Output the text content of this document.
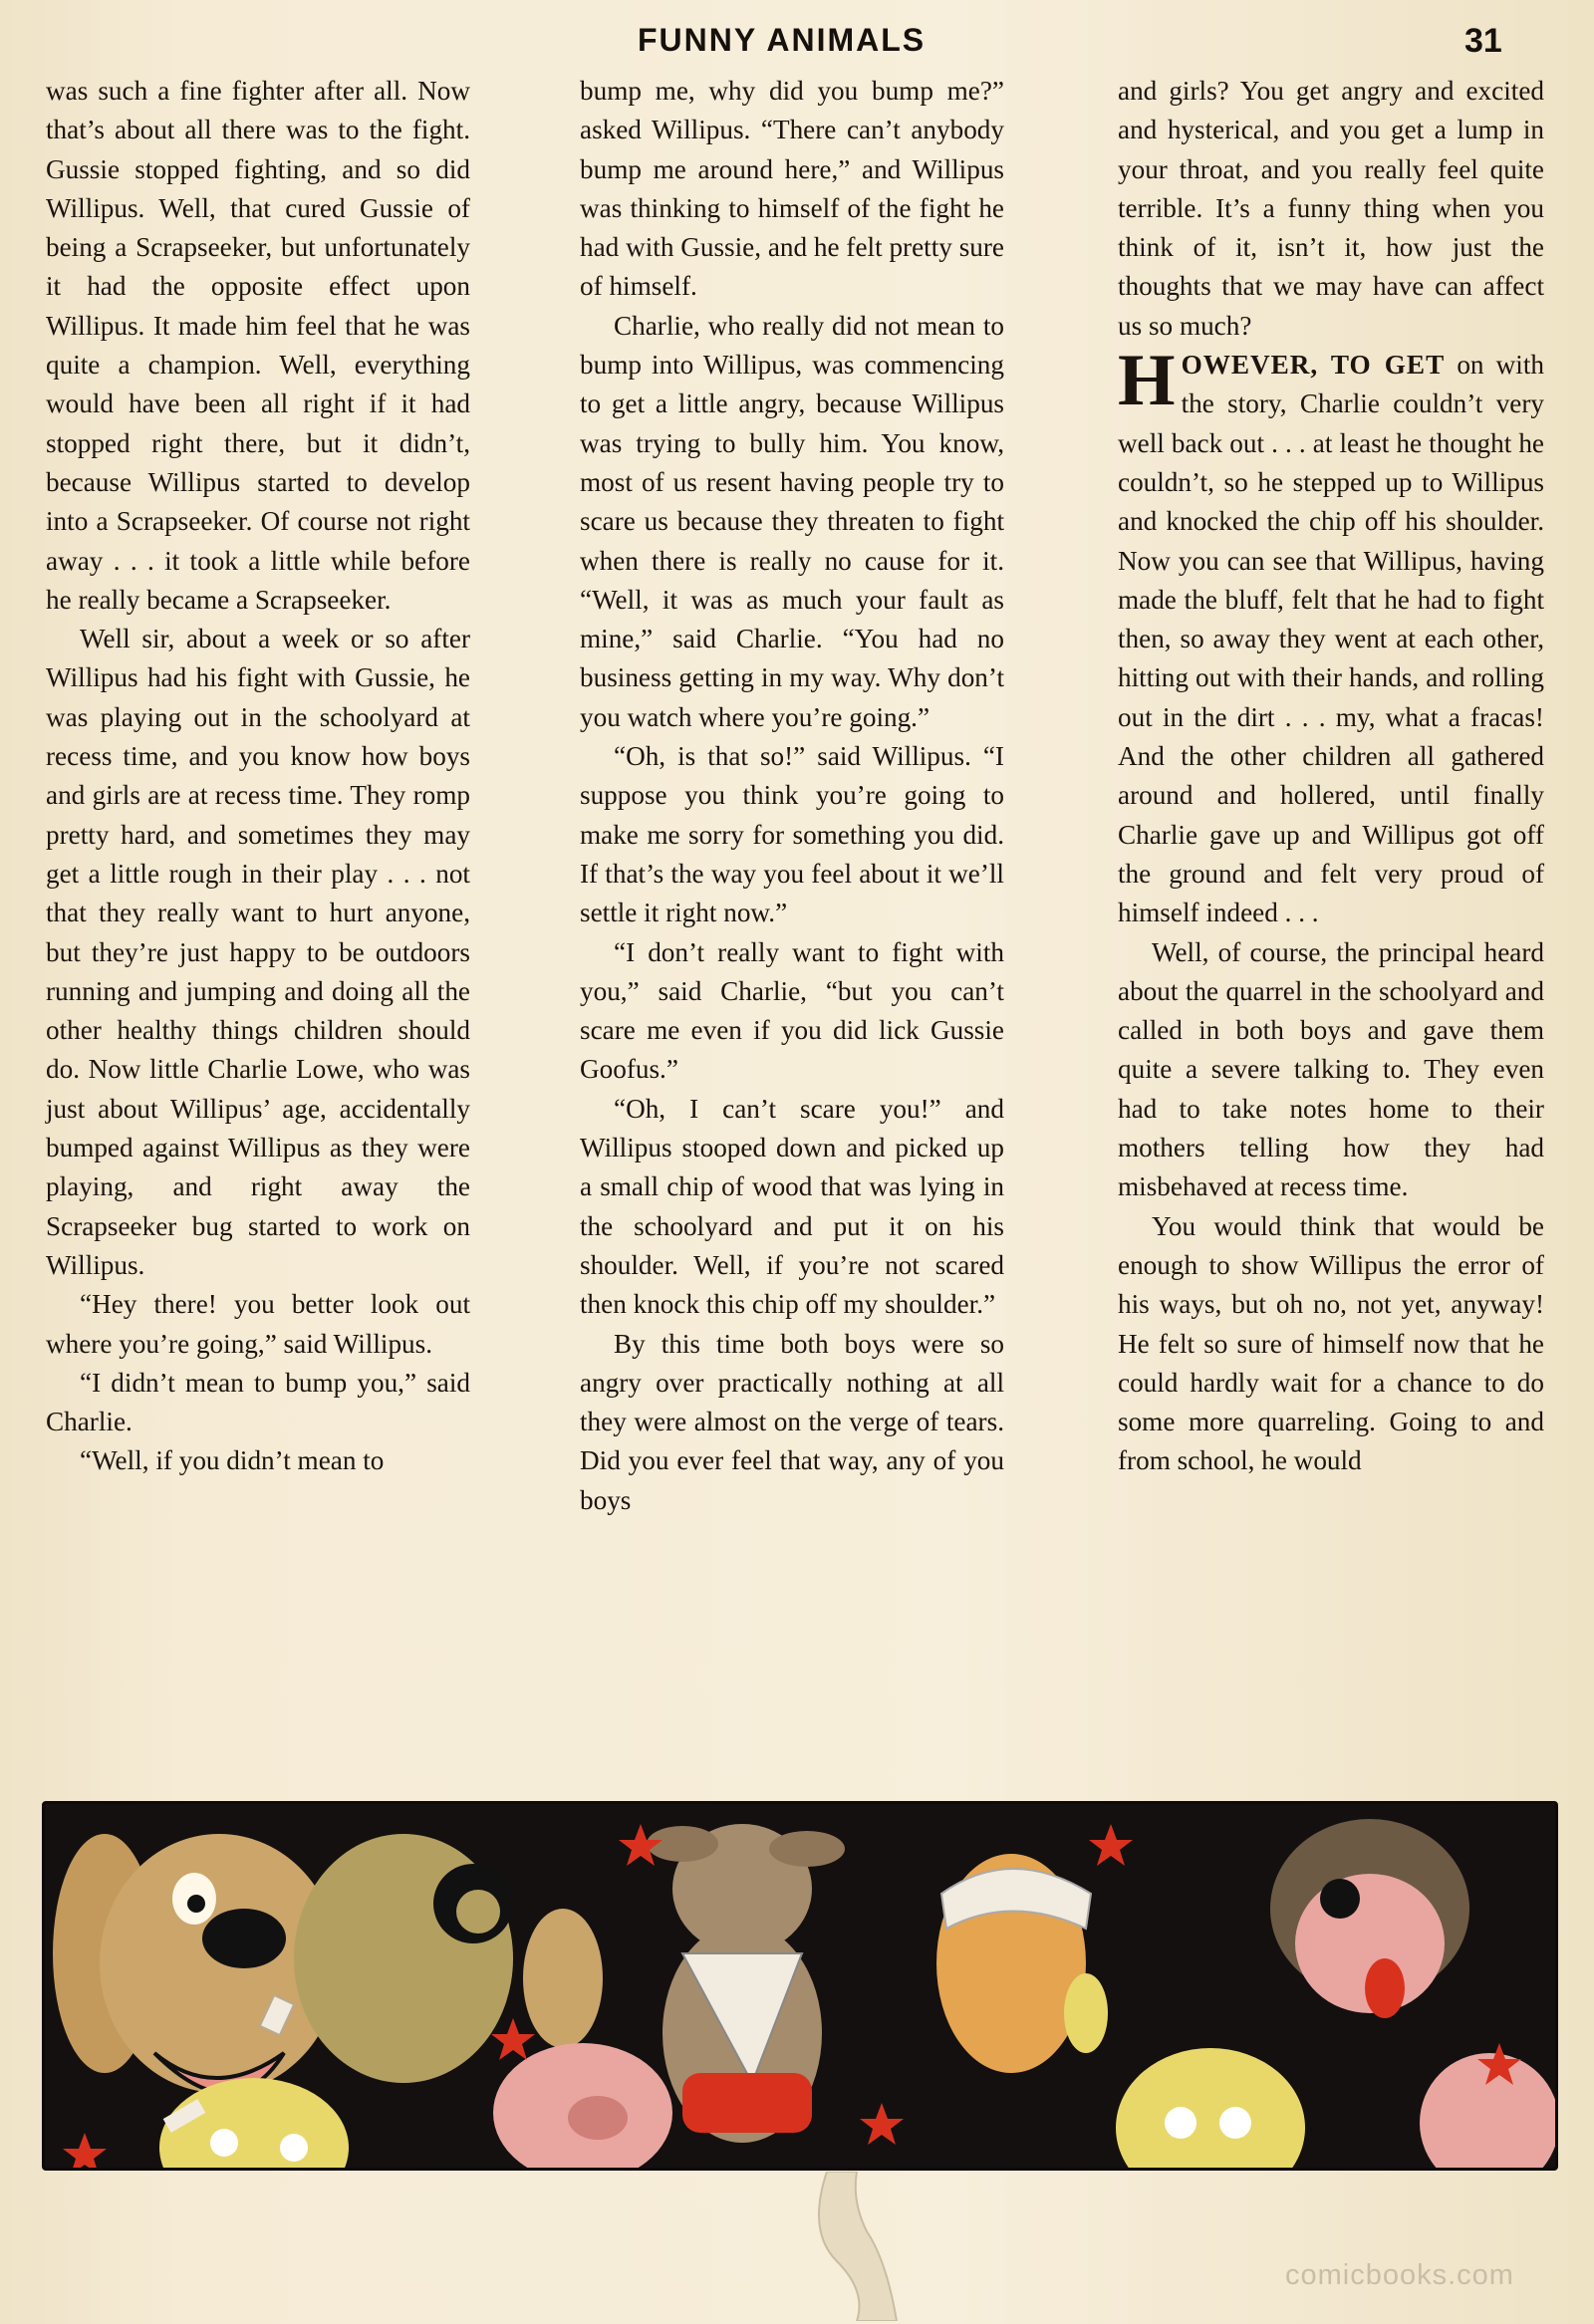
FUNNY ANIMALS	31

was such a fine fighter after all. Now that’s about all there was to the fight. Gussie stopped fighting, and so did Willipus. Well, that cured Gussie of being a Scrapseeker, but unfortunately it had the opposite effect upon Willipus. It made him feel that he was quite a champion. Well, everything would have been all right if it had stopped right there, but it didn’t, because Willipus started to develop into a Scrapseeker. Of course not right away . . . it took a little while before he really became a Scrapseeker.

Well sir, about a week or so after Willipus had his fight with Gussie, he was playing out in the schoolyard at recess time, and you know how boys and girls are at recess time. They romp pretty hard, and sometimes they may get a little rough in their play . . . not that they really want to hurt anyone, but they’re just happy to be outdoors running and jumping and doing all the other healthy things children should do. Now little Charlie Lowe, who was just about Willipus’ age, accidentally bumped against Willipus as they were playing, and right away the Scrapseeker bug started to work on Willipus.

“Hey there! you better look out where you’re going,” said Willipus.

“I didn’t mean to bump you,” said Charlie.

“Well, if you didn’t mean to

bump me, why did you bump me?” asked Willipus. “There can’t anybody bump me around here,” and Willipus was thinking to himself of the fight he had with Gussie, and he felt pretty sure of himself.

Charlie, who really did not mean to bump into Willipus, was commencing to get a little angry, because Willipus was trying to bully him. You know, most of us resent having people try to scare us because they threaten to fight when there is really no cause for it. “Well, it was as much your fault as mine,” said Charlie. “You had no business getting in my way. Why don’t you watch where you’re going.”

“Oh, is that so!” said Willipus. “I suppose you think you’re going to make me sorry for something you did. If that’s the way you feel about it we’ll settle it right now.”

“I don’t really want to fight with you,” said Charlie, “but you can’t scare me even if you did lick Gussie Goofus.”

“Oh, I can’t scare you!” and Willipus stooped down and picked up a small chip of wood that was lying in the schoolyard and put it on his shoulder. Well, if you’re not scared then knock this chip off my shoulder.”

By this time both boys were so angry over practically nothing at all they were almost on the verge of tears. Did you ever feel that way, any of you boys

and girls? You get angry and excited and hysterical, and you get a lump in your throat, and you really feel quite terrible. It’s a funny thing when you think of it, isn’t it, how just the thoughts that we may have can affect us so much?

HOWEVER, TO GET on with the story, Charlie couldn’t very well back out . . . at least he thought he couldn’t, so he stepped up to Willipus and knocked the chip off his shoulder. Now you can see that Willipus, having made the bluff, felt that he had to fight then, so away they went at each other, hitting out with their hands, and rolling out in the dirt . . . my, what a fracas! And the other children all gathered around and hollered, until finally Charlie gave up and Willipus got off the ground and felt very proud of himself indeed . . .

Well, of course, the principal heard about the quarrel in the schoolyard and called in both boys and gave them quite a severe talking to. They even had to take notes home to their mothers telling how they had misbehaved at recess time.

You would think that would be enough to show Willipus the error of his ways, but oh no, not yet, anyway! He felt so sure of himself now that he could hardly wait for a chance to do some more quarreling. Going to and from school, he would

comicbooks.com
